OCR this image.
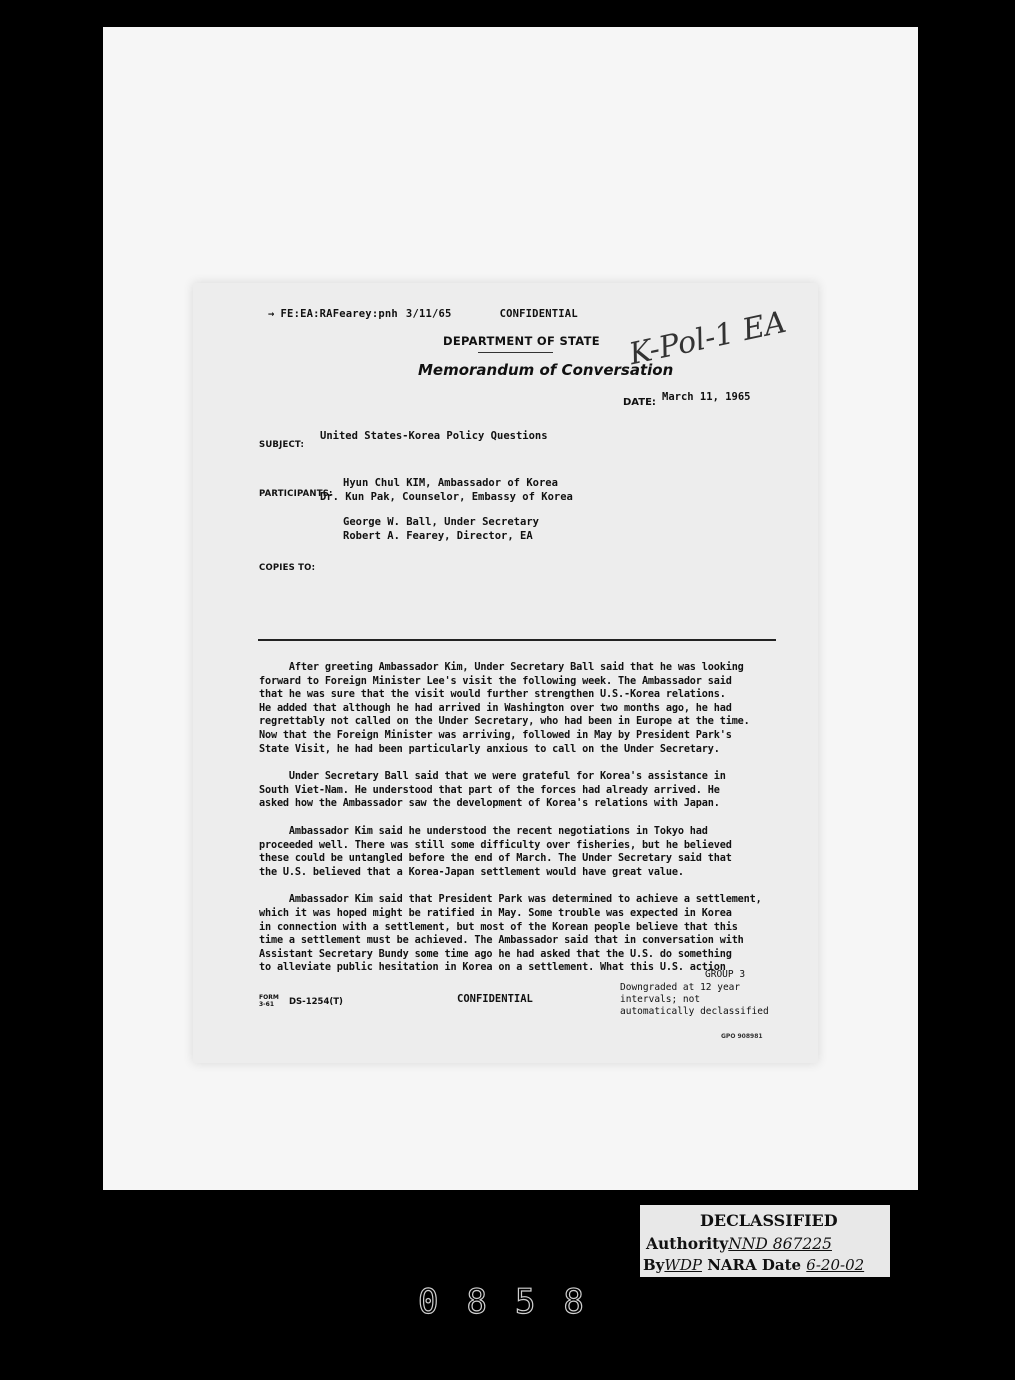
→ FE:EA:RAFearey:pnh 3/11/65	CONFIDENTIAL
DEPARTMENT OF STATE
Memorandum of Conversation
K-Pol-1 EA
DATE: March 11, 1965
SUBJECT:
United States-Korea Policy Questions
PARTICIPANTS:
Hyun Chul KIM, Ambassador of Korea
Dr. Kun Pak, Counselor, Embassy of Korea
George W. Ball, Under Secretary
Robert A. Fearey, Director, EA
COPIES TO:
After greeting Ambassador Kim, Under Secretary Ball said that he was looking
forward to Foreign Minister Lee's visit the following week. The Ambassador said
that he was sure that the visit would further strengthen U.S.-Korea relations.
He added that although he had arrived in Washington over two months ago, he had
regrettably not called on the Under Secretary, who had been in Europe at the time.
Now that the Foreign Minister was arriving, followed in May by President Park's
State Visit, he had been particularly anxious to call on the Under Secretary.
Under Secretary Ball said that we were grateful for Korea's assistance in
South Viet-Nam. He understood that part of the forces had already arrived. He
asked how the Ambassador saw the development of Korea's relations with Japan.
Ambassador Kim said he understood the recent negotiations in Tokyo had
proceeded well. There was still some difficulty over fisheries, but he believed
these could be untangled before the end of March. The Under Secretary said that
the U.S. believed that a Korea-Japan settlement would have great value.
Ambassador Kim said that President Park was determined to achieve a settlement,
which it was hoped might be ratified in May. Some trouble was expected in Korea
in connection with a settlement, but most of the Korean people believe that this
time a settlement must be achieved. The Ambassador said that in conversation with
Assistant Secretary Bundy some time ago he had asked that the U.S. do something
to alleviate public hesitation in Korea on a settlement. What this U.S. action
GROUP 3
Downgraded at 12 year
intervals; not
automatically declassified
FORM
3-61	DS-1254(T)	CONFIDENTIAL
GPO 908981
DECLASSIFIED
AuthorityNND 867225
ByWDP NARA Date 6-20-02
0858
